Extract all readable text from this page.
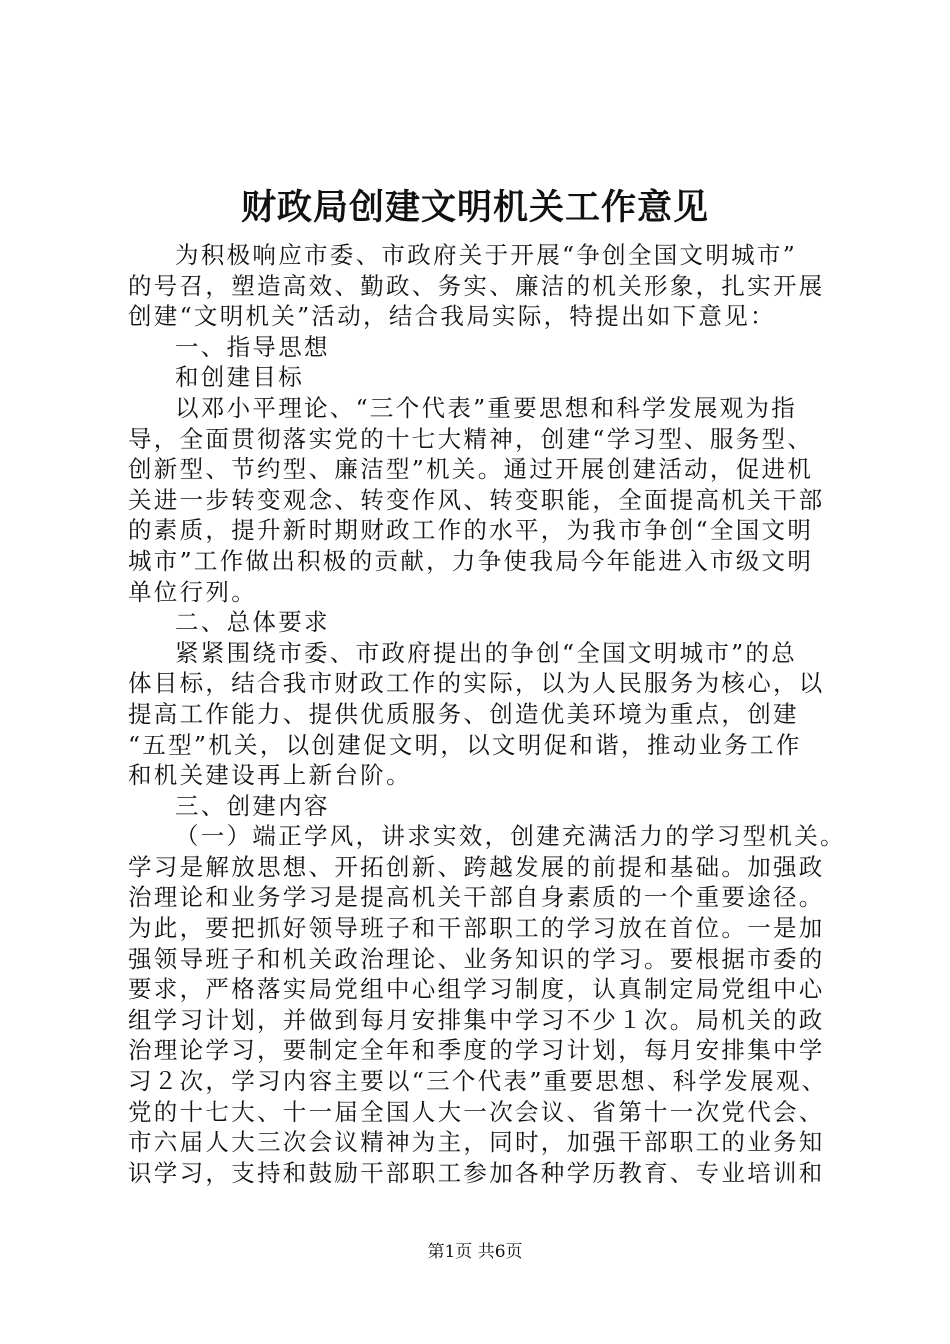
财政局创建文明机关工作意见
为积极响应市委、市政府关于开展“争创全国文明城市”
的号召，塑造高效、勤政、务实、廉洁的机关形象，扎实开展
创建“文明机关”活动，结合我局实际，特提出如下意见：
一、指导思想
和创建目标
以邓小平理论、“三个代表”重要思想和科学发展观为指
导，全面贯彻落实党的十七大精神，创建“学习型、服务型、
创新型、节约型、廉洁型”机关。通过开展创建活动，促进机
关进一步转变观念、转变作风、转变职能，全面提高机关干部
的素质，提升新时期财政工作的水平，为我市争创“全国文明
城市”工作做出积极的贡献，力争使我局今年能进入市级文明
单位行列。
二、总体要求
紧紧围绕市委、市政府提出的争创“全国文明城市”的总
体目标，结合我市财政工作的实际，以为人民服务为核心，以
提高工作能力、提供优质服务、创造优美环境为重点，创建
“五型”机关，以创建促文明，以文明促和谐，推动业务工作
和机关建设再上新台阶。
三、创建内容
（一）端正学风，讲求实效，创建充满活力的学习型机关。
学习是解放思想、开拓创新、跨越发展的前提和基础。加强政
治理论和业务学习是提高机关干部自身素质的一个重要途径。
为此，要把抓好领导班子和干部职工的学习放在首位。一是加
强领导班子和机关政治理论、业务知识的学习。要根据市委的
要求，严格落实局党组中心组学习制度，认真制定局党组中心
组学习计划，并做到每月安排集中学习不少１次。局机关的政
治理论学习，要制定全年和季度的学习计划，每月安排集中学
习２次，学习内容主要以“三个代表”重要思想、科学发展观、
党的十七大、十一届全国人大一次会议、省第十一次党代会、
市六届人大三次会议精神为主，同时，加强干部职工的业务知
识学习，支持和鼓励干部职工参加各种学历教育、专业培训和
第1页 共6页
